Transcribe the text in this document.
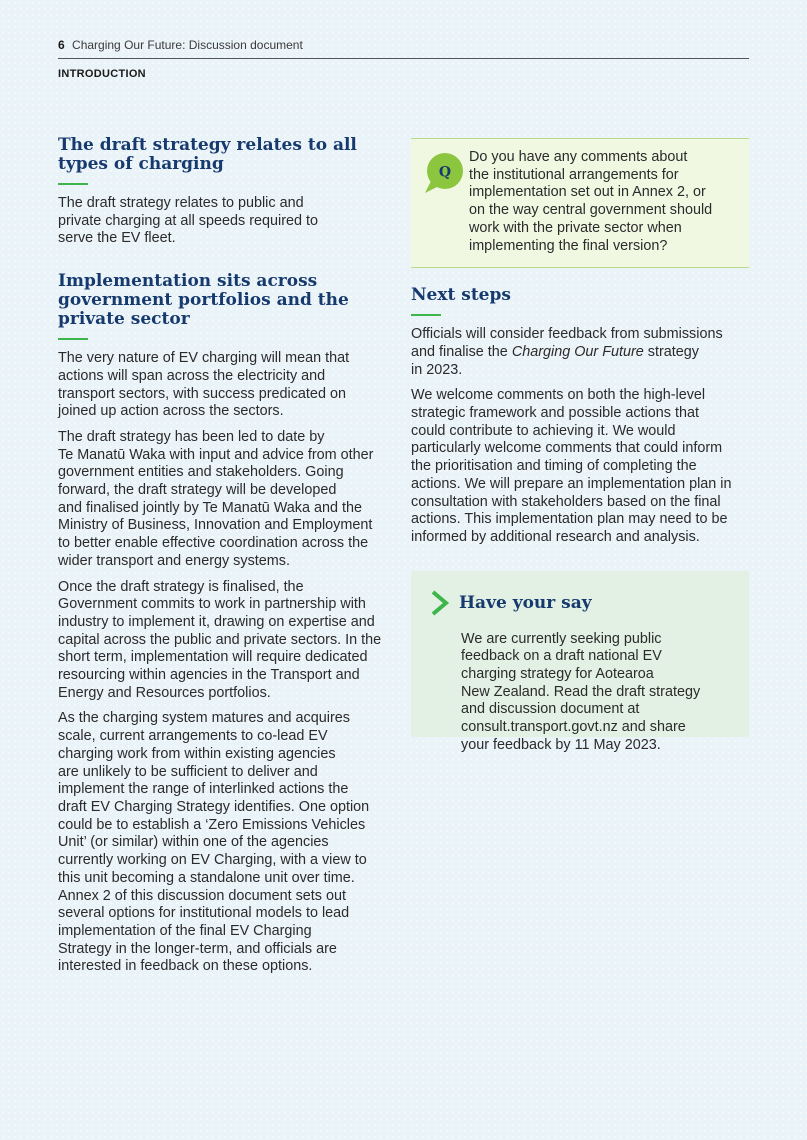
6 Charging Our Future: Discussion document
INTRODUCTION
The draft strategy relates to all
types of charging

The draft strategy relates to public and
private charging at all speeds required to
serve the EV fleet.

Implementation sits across
government portfolios and the
private sector

The very nature of EV charging will mean that
actions will span across the electricity and
transport sectors, with success predicated on
joined up action across the sectors.

The draft strategy has been led to date by
Te Manatū Waka with input and advice from other
government entities and stakeholders. Going
forward, the draft strategy will be developed
and finalised jointly by Te Manatū Waka and the
Ministry of Business, Innovation and Employment
to better enable effective coordination across the
wider transport and energy systems.

Once the draft strategy is finalised, the
Government commits to work in partnership with
industry to implement it, drawing on expertise and
capital across the public and private sectors. In the
short term, implementation will require dedicated
resourcing within agencies in the Transport and
Energy and Resources portfolios.

As the charging system matures and acquires
scale, current arrangements to co-lead EV
charging work from within existing agencies
are unlikely to be sufficient to deliver and
implement the range of interlinked actions the
draft EV Charging Strategy identifies. One option
could be to establish a ‘Zero Emissions Vehicles
Unit’ (or similar) within one of the agencies
currently working on EV Charging, with a view to
this unit becoming a standalone unit over time.
Annex 2 of this discussion document sets out
several options for institutional models to lead
implementation of the final EV Charging
Strategy in the longer-term, and officials are
interested in feedback on these options.

Q

Do you have any comments about
the institutional arrangements for
implementation set out in Annex 2, or
on the way central government should
work with the private sector when
implementing the final version?

Next steps

Officials will consider feedback from submissions
and finalise the Charging Our Future strategy
in 2023.

We welcome comments on both the high-level
strategic framework and possible actions that
could contribute to achieving it. We would
particularly welcome comments that could inform
the prioritisation and timing of completing the
actions. We will prepare an implementation plan in
consultation with stakeholders based on the final
actions. This implementation plan may need to be
informed by additional research and analysis.

Have your say

We are currently seeking public
feedback on a draft national EV
charging strategy for Aotearoa
New Zealand. Read the draft strategy
and discussion document at
consult.transport.govt.nz and share
your feedback by 11 May 2023.
